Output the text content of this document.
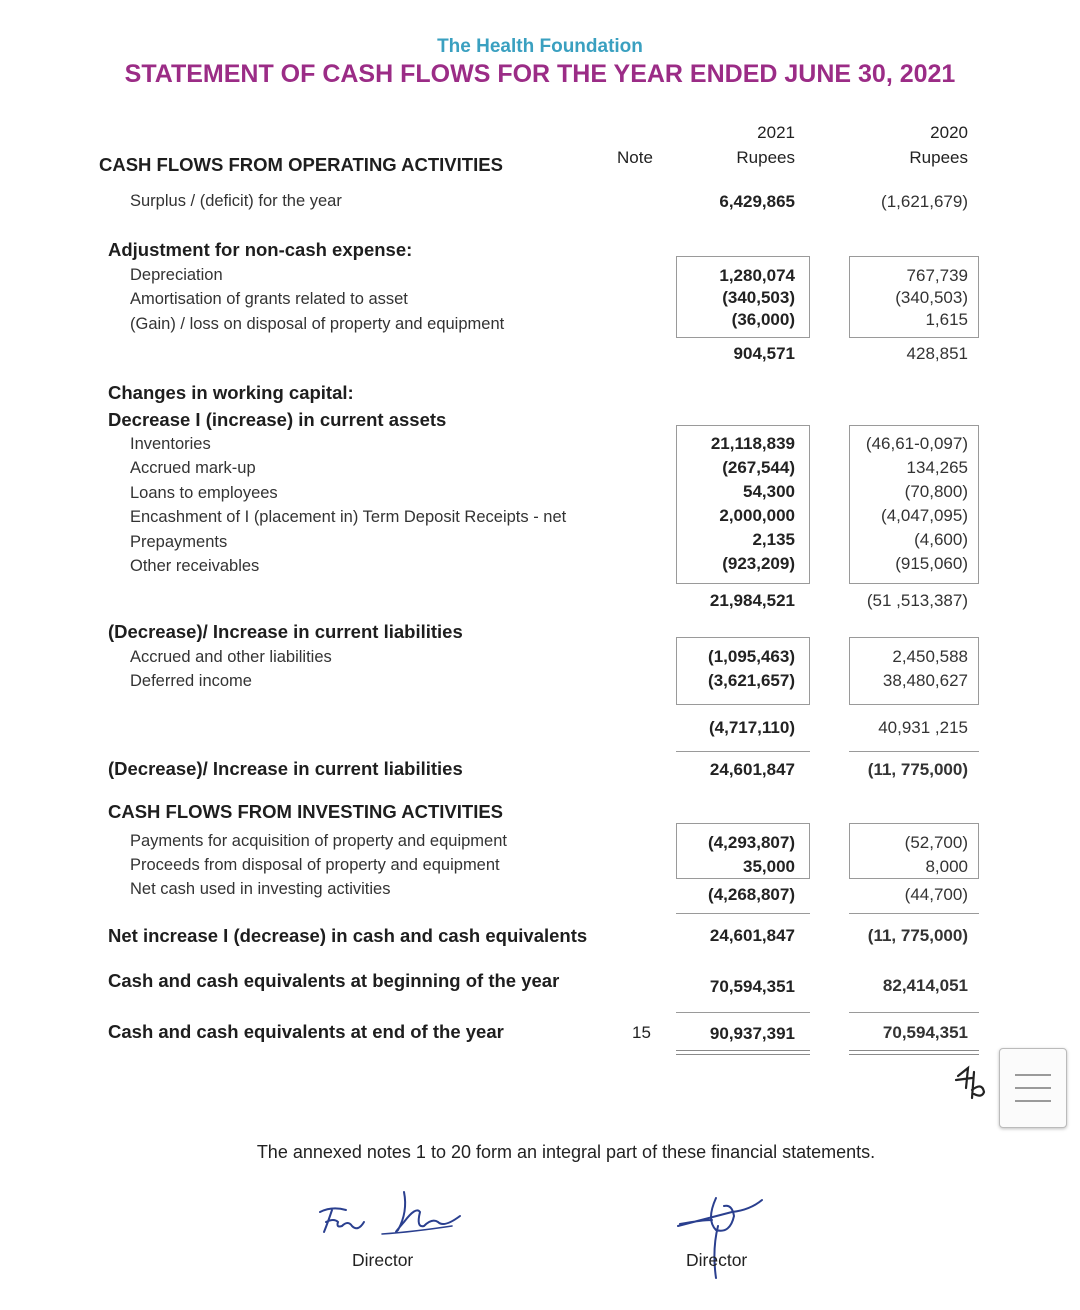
The Health Foundation
STATEMENT OF CASH FLOWS FOR THE YEAR ENDED JUNE 30, 2021
2021	2020
Note	Rupees	Rupees
CASH FLOWS FROM OPERATING ACTIVITIES
Surplus / (deficit) for the year	6,429,865	(1,621,679)
Adjustment for non-cash expense:
Depreciation	1,280,074	767,739
Amortisation of grants related to asset	(340,503)	(340,503)
(Gain) / loss on disposal of property and equipment	(36,000)	1,615
904,571	428,851
Changes in working capital:
Decrease I (increase) in current assets
Inventories	21,118,839	(46,61-0,097)
Accrued mark-up	(267,544)	134,265
Loans to employees	54,300	(70,800)
Encashment of I (placement in) Term Deposit Receipts - net	2,000,000	(4,047,095)
Prepayments	2,135	(4,600)
Other receivables	(923,209)	(915,060)
21,984,521	(51 ,513,387)
(Decrease)/ Increase in current liabilities
Accrued and other liabilities	(1,095,463)	2,450,588
Deferred income	(3,621,657)	38,480,627
(4,717,110)	40,931 ,215
(Decrease)/ Increase in current liabilities	24,601,847	(11, 775,000)
CASH FLOWS FROM INVESTING ACTIVITIES
Payments for acquisition of property and equipment	(4,293,807)	(52,700)
Proceeds from disposal of property and equipment	35,000	8,000
Net cash used in investing activities	(4,268,807)	(44,700)
Net increase I (decrease) in cash and cash equivalents	24,601,847	(11, 775,000)
Cash and cash equivalents at beginning of the year	70,594,351	82,414,051
Cash and cash equivalents at end of the year	15	90,937,391	70,594,351
The annexed notes 1 to 20 form an integral part of these financial statements.
Director	Director
